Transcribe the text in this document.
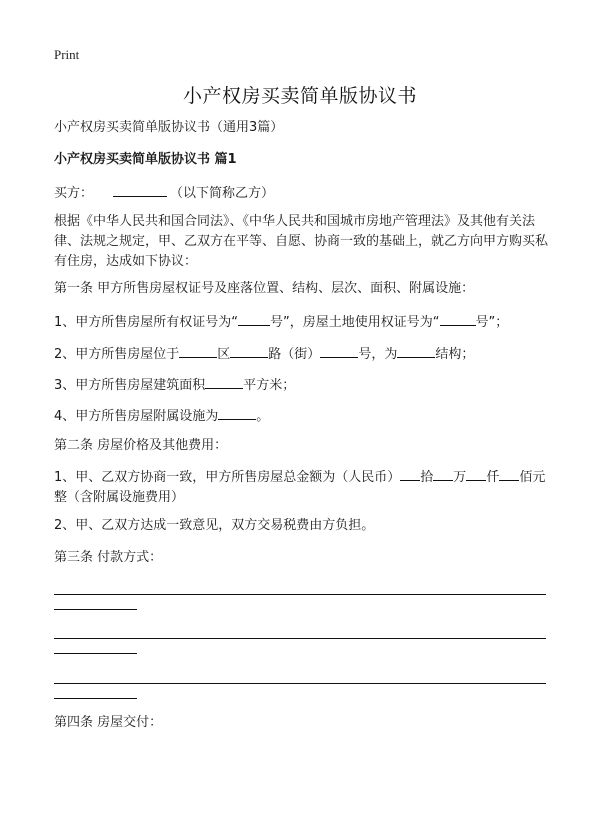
Print
小产权房买卖简单版协议书
小产权房买卖简单版协议书（通用3篇）
小产权房买卖简单版协议书 篇1
买方：	（以下简称乙方）
根据《中华人民共和国合同法》、《中华人民共和国城市房地产管理法》及其他有关法律、法规之规定，甲、乙双方在平等、自愿、协商一致的基础上，就乙方向甲方购买私有住房，达成如下协议：
第一条 甲方所售房屋权证号及座落位置、结构、层次、面积、附属设施：
1、甲方所售房屋所有权证号为“ 号”，房屋土地使用权证号为“	号”；
2、甲方所售房屋位于	区	路（街）	号，为	结构；
3、甲方所售房屋建筑面积	平方米；
4、甲方所售房屋附属设施为	。
第二条 房屋价格及其他费用：
1、甲、乙双方协商一致，甲方所售房屋总金额为（人民币） 拾 万 仟 佰元整（含附属设施费用）
2、甲、乙双方达成一致意见，双方交易税费由方负担。
第三条 付款方式：
第四条 房屋交付：
